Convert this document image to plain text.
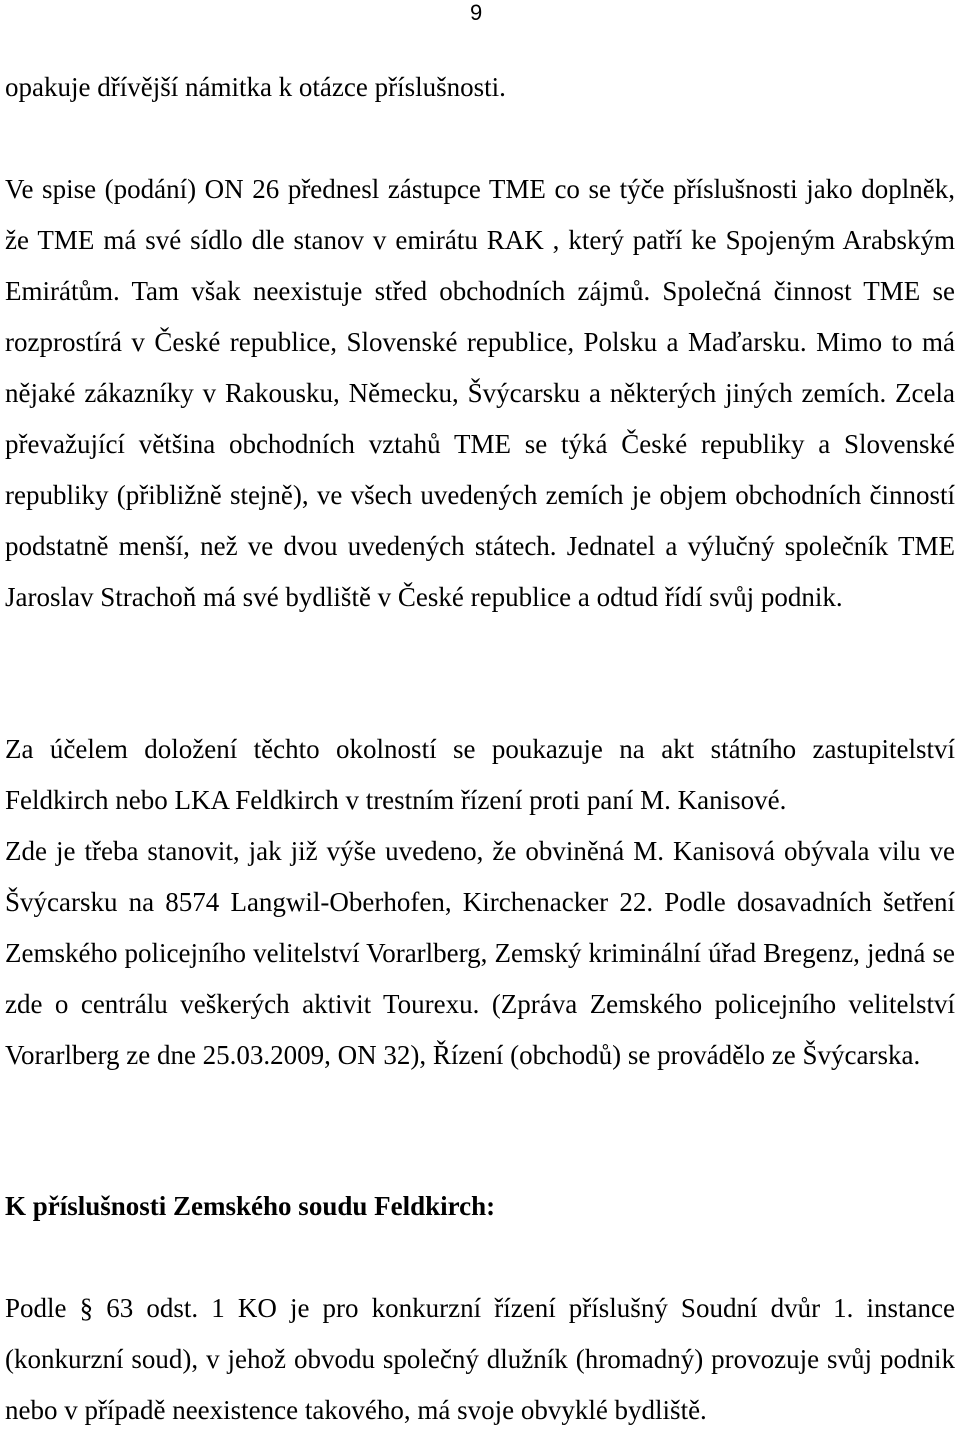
9

opakuje dřívější námitka k otázce příslušnosti.

Ve spise (podání) ON 26 přednesl zástupce TME co se týče příslušnosti jako doplněk, že TME má své sídlo dle stanov v emirátu RAK , který patří ke Spojeným Arabským Emirátům. Tam však neexistuje střed obchodních zájmů. Společná činnost TME se rozprostírá v České republice, Slovenské republice, Polsku a Maďarsku. Mimo to má nějaké zákazníky v Rakousku, Německu, Švýcarsku a některých jiných zemích. Zcela převažující většina obchodních vztahů TME se týká České republiky a Slovenské republiky (přibližně stejně), ve všech uvedených zemích je objem obchodních činností podstatně menší, než ve dvou uvedených státech. Jednatel a výlučný společník TME Jaroslav Strachoň má své bydliště v České republice a odtud řídí svůj podnik.

Za účelem doložení těchto okolností se poukazuje na akt státního zastupitelství Feldkirch nebo LKA Feldkirch v trestním řízení proti paní M. Kanisové.

Zde je třeba stanovit, jak již výše uvedeno, že obviněná M. Kanisová obývala vilu ve Švýcarsku na 8574 Langwil-Oberhofen, Kirchenacker 22. Podle dosavadních šetření Zemského policejního velitelství Vorarlberg, Zemský kriminální úřad Bregenz, jedná se zde o centrálu veškerých aktivit Tourexu. (Zpráva Zemského policejního velitelství Vorarlberg ze dne 25.03.2009, ON 32), Řízení (obchodů) se provádělo ze Švýcarska.

K příslušnosti Zemského soudu Feldkirch:

Podle § 63 odst. 1 KO je pro konkurzní řízení příslušný Soudní dvůr 1. instance (konkurzní soud), v jehož obvodu společný dlužník (hromadný) provozuje svůj podnik nebo v případě neexistence takového, má svoje obvyklé bydliště.
